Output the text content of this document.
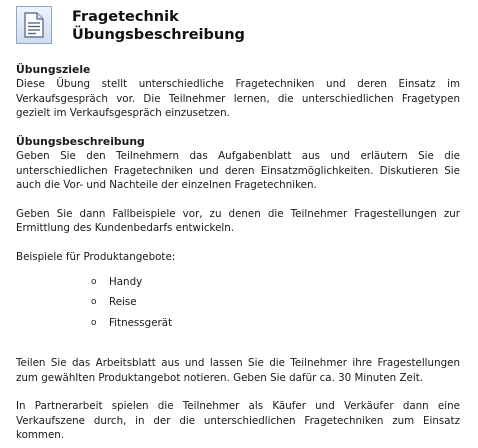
Fragetechnik
Übungsbeschreibung

Übungsziele

Diese Übung stellt unterschiedliche Fragetechniken und deren Einsatz im Verkaufsgespräch vor. Die Teilnehmer lernen, die unterschiedlichen Fragetypen gezielt im Verkaufsgespräch einzusetzen.

Übungsbeschreibung

Geben Sie den Teilnehmern das Aufgabenblatt aus und erläutern Sie die unterschiedlichen Fragetechniken und deren Einsatzmöglichkeiten. Diskutieren Sie auch die Vor- und Nachteile der einzelnen Fragetechniken.

Geben Sie dann Fallbeispiele vor, zu denen die Teilnehmer Fragestellungen zur Ermittlung des Kundenbedarfs entwickeln.

Beispiele für Produktangebote:

o Handy
o Reise
o Fitnessgerät

Teilen Sie das Arbeitsblatt aus und lassen Sie die Teilnehmer ihre Fragestellungen zum gewählten Produktangebot notieren. Geben Sie dafür ca. 30 Minuten Zeit.

In Partnerarbeit spielen die Teilnehmer als Käufer und Verkäufer dann eine Verkaufszene durch, in der die unterschiedlichen Fragetechniken zum Einsatz kommen.
